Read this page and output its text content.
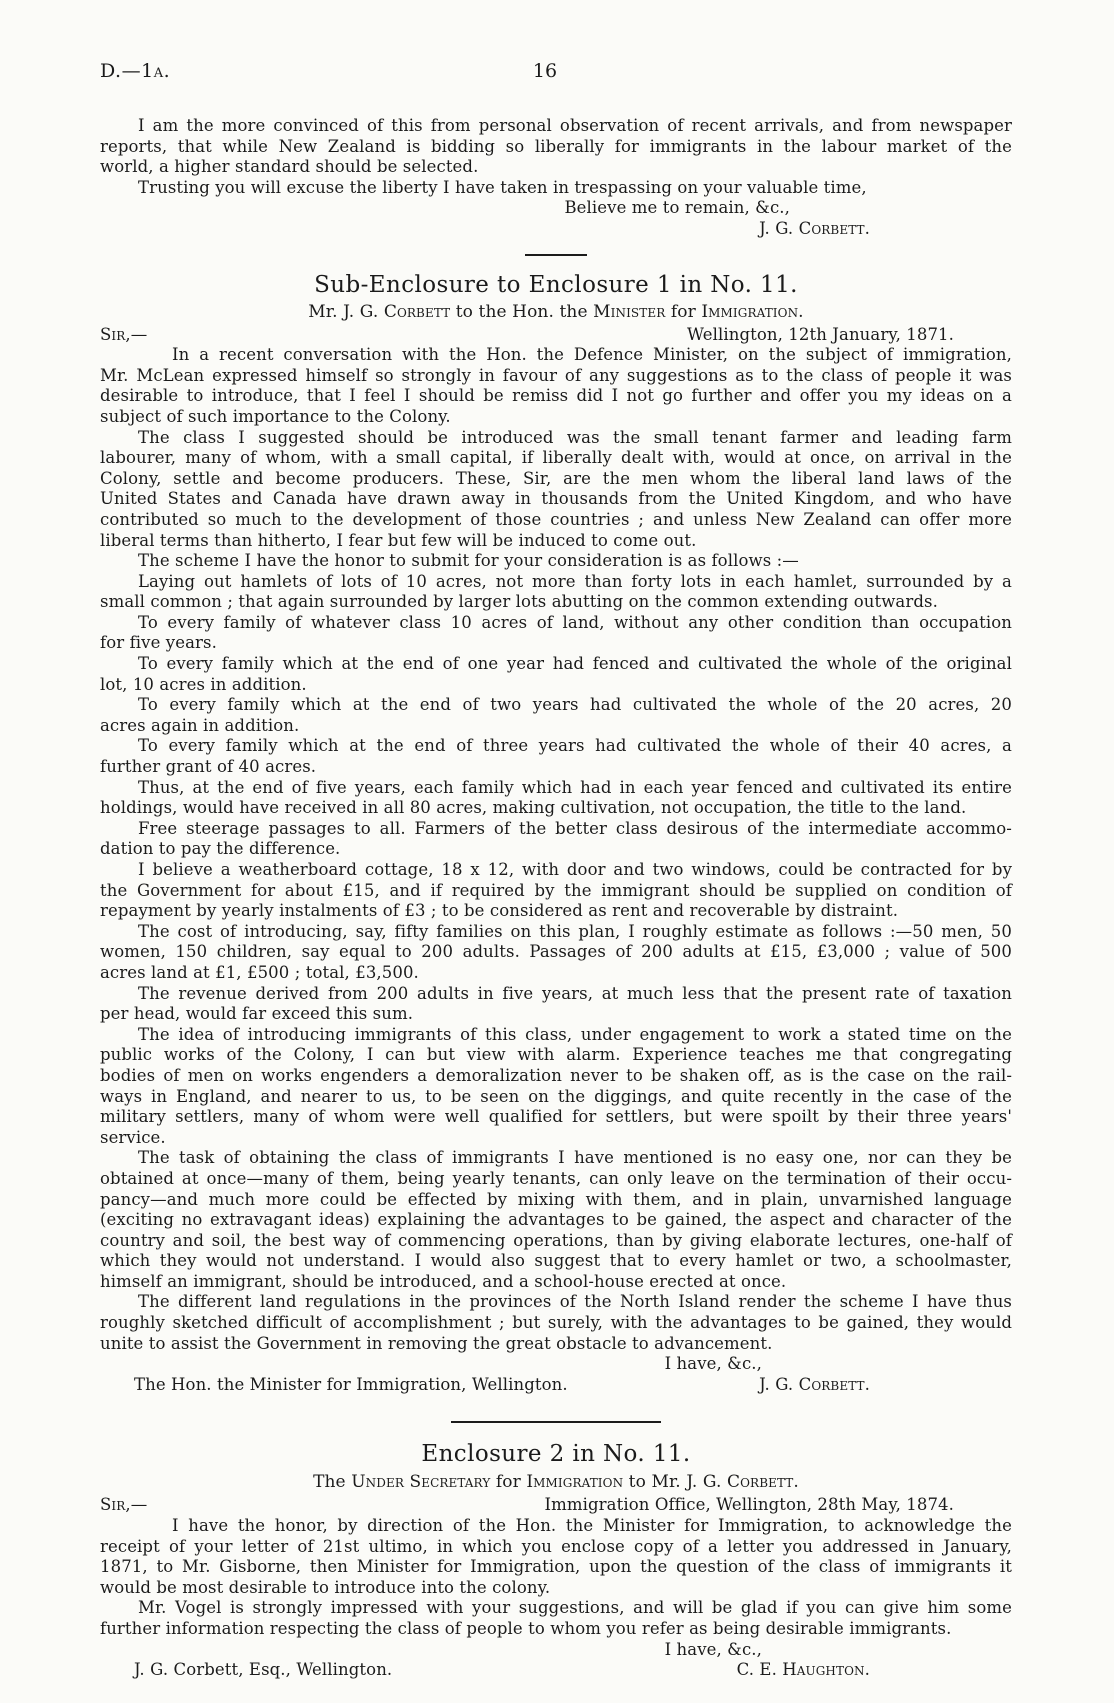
D.—1a.	16
I am the more convinced of this from personal observation of recent arrivals, and from newspaper
reports, that while New Zealand is bidding so liberally for immigrants in the labour market of the
world, a higher standard should be selected.
Trusting you will excuse the liberty I have taken in trespassing on your valuable time,
Believe me to remain, &c.,
J. G. Corbett.
Sub-Enclosure to Enclosure 1 in No. 11.
Mr. J. G. Corbett to the Hon. the Minister for Immigration.
Sir,—	Wellington, 12th January, 1871.
In a recent conversation with the Hon. the Defence Minister, on the subject of immigration,
Mr. McLean expressed himself so strongly in favour of any suggestions as to the class of people it was
desirable to introduce, that I feel I should be remiss did I not go further and offer you my ideas on a
subject of such importance to the Colony.
The class I suggested should be introduced was the small tenant farmer and leading farm
labourer, many of whom, with a small capital, if liberally dealt with, would at once, on arrival in the
Colony, settle and become producers. These, Sir, are the men whom the liberal land laws of the
United States and Canada have drawn away in thousands from the United Kingdom, and who have
contributed so much to the development of those countries ; and unless New Zealand can offer more
liberal terms than hitherto, I fear but few will be induced to come out.
The scheme I have the honor to submit for your consideration is as follows :—
Laying out hamlets of lots of 10 acres, not more than forty lots in each hamlet, surrounded by a
small common ; that again surrounded by larger lots abutting on the common extending outwards.
To every family of whatever class 10 acres of land, without any other condition than occupation
for five years.
To every family which at the end of one year had fenced and cultivated the whole of the original
lot, 10 acres in addition.
To every family which at the end of two years had cultivated the whole of the 20 acres, 20
acres again in addition.
To every family which at the end of three years had cultivated the whole of their 40 acres, a
further grant of 40 acres.
Thus, at the end of five years, each family which had in each year fenced and cultivated its entire
holdings, would have received in all 80 acres, making cultivation, not occupation, the title to the land.
Free steerage passages to all. Farmers of the better class desirous of the intermediate accommo-
dation to pay the difference.
I believe a weatherboard cottage, 18 x 12, with door and two windows, could be contracted for by
the Government for about £15, and if required by the immigrant should be supplied on condition of
repayment by yearly instalments of £3 ; to be considered as rent and recoverable by distraint.
The cost of introducing, say, fifty families on this plan, I roughly estimate as follows :—50 men, 50
women, 150 children, say equal to 200 adults. Passages of 200 adults at £15, £3,000 ; value of 500
acres land at £1, £500 ; total, £3,500.
The revenue derived from 200 adults in five years, at much less that the present rate of taxation
per head, would far exceed this sum.
The idea of introducing immigrants of this class, under engagement to work a stated time on the
public works of the Colony, I can but view with alarm. Experience teaches me that congregating
bodies of men on works engenders a demoralization never to be shaken off, as is the case on the rail-
ways in England, and nearer to us, to be seen on the diggings, and quite recently in the case of the
military settlers, many of whom were well qualified for settlers, but were spoilt by their three years'
service.
The task of obtaining the class of immigrants I have mentioned is no easy one, nor can they be
obtained at once—many of them, being yearly tenants, can only leave on the termination of their occu-
pancy—and much more could be effected by mixing with them, and in plain, unvarnished language
(exciting no extravagant ideas) explaining the advantages to be gained, the aspect and character of the
country and soil, the best way of commencing operations, than by giving elaborate lectures, one-half of
which they would not understand. I would also suggest that to every hamlet or two, a schoolmaster,
himself an immigrant, should be introduced, and a school-house erected at once.
The different land regulations in the provinces of the North Island render the scheme I have thus
roughly sketched difficult of accomplishment ; but surely, with the advantages to be gained, they would
unite to assist the Government in removing the great obstacle to advancement.
I have, &c.,
The Hon. the Minister for Immigration, Wellington.	J. G. Corbett.
Enclosure 2 in No. 11.
The Under Secretary for Immigration to Mr. J. G. Corbett.
Sir,—	Immigration Office, Wellington, 28th May, 1874.
I have the honor, by direction of the Hon. the Minister for Immigration, to acknowledge the
receipt of your letter of 21st ultimo, in which you enclose copy of a letter you addressed in January,
1871, to Mr. Gisborne, then Minister for Immigration, upon the question of the class of immigrants it
would be most desirable to introduce into the colony.
Mr. Vogel is strongly impressed with your suggestions, and will be glad if you can give him some
further information respecting the class of people to whom you refer as being desirable immigrants.
I have, &c.,
J. G. Corbett, Esq., Wellington.	C. E. Haughton.
